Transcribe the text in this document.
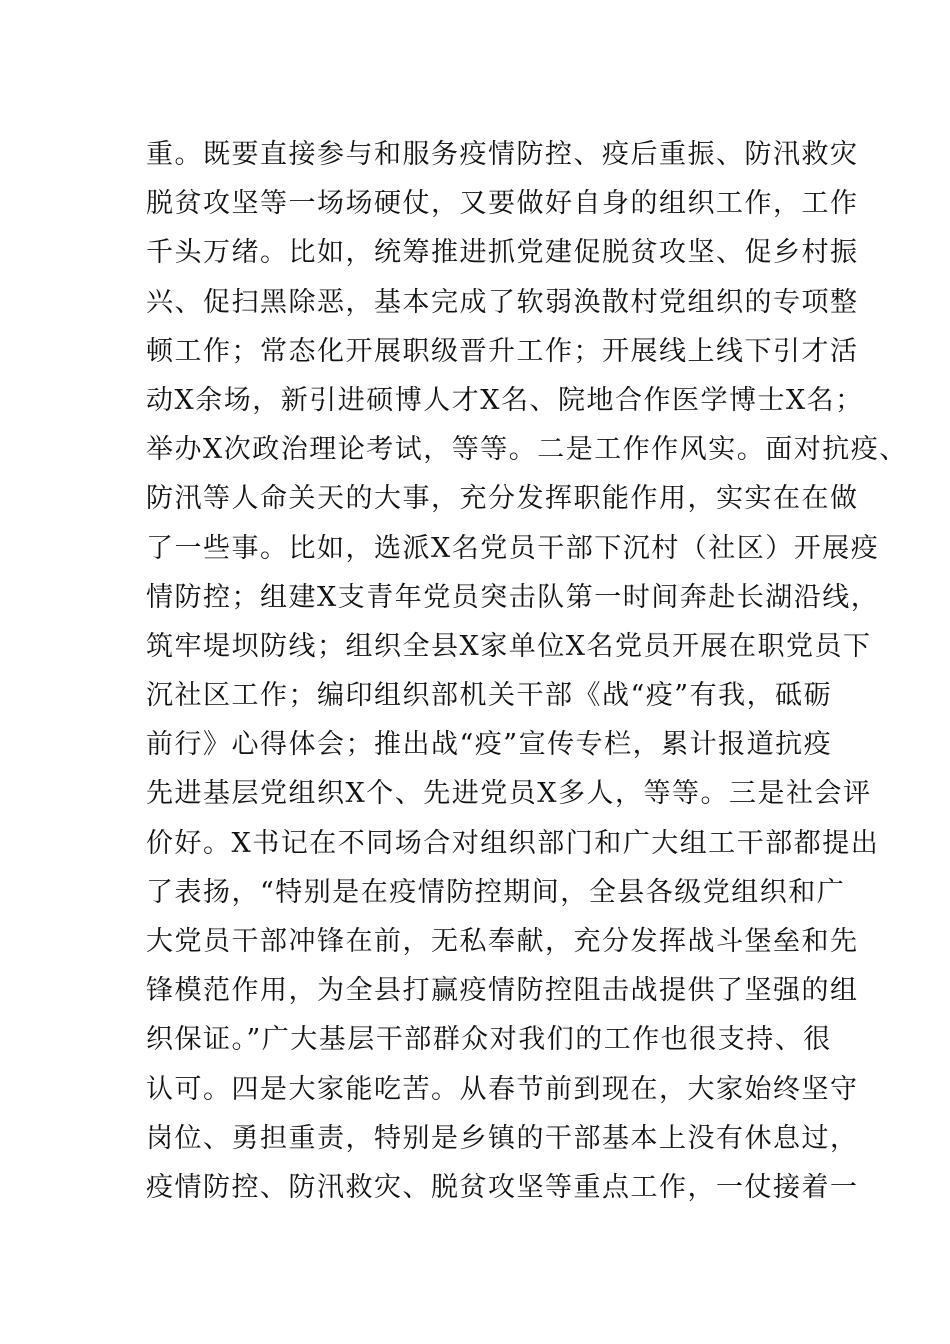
重。既要直接参与和服务疫情防控、疫后重振、防汛救灾
脱贫攻坚等一场场硬仗，又要做好自身的组织工作，工作
千头万绪。比如，统筹推进抓党建促脱贫攻坚、促乡村振
兴、促扫黑除恶，基本完成了软弱涣散村党组织的专项整
顿工作；常态化开展职级晋升工作；开展线上线下引才活
动X余场，新引进硕博人才X名、院地合作医学博士X名；
举办X次政治理论考试，等等。二是工作作风实。面对抗疫、
防汛等人命关天的大事，充分发挥职能作用，实实在在做
了一些事。比如，选派X名党员干部下沉村（社区）开展疫
情防控；组建X支青年党员突击队第一时间奔赴长湖沿线，
筑牢堤坝防线；组织全县X家单位X名党员开展在职党员下
沉社区工作；编印组织部机关干部《战“疫”有我，砥砺
前行》心得体会；推出战“疫”宣传专栏，累计报道抗疫
先进基层党组织X个、先进党员X多人，等等。三是社会评
价好。X书记在不同场合对组织部门和广大组工干部都提出
了表扬，“特别是在疫情防控期间，全县各级党组织和广
大党员干部冲锋在前，无私奉献，充分发挥战斗堡垒和先
锋模范作用，为全县打赢疫情防控阻击战提供了坚强的组
织保证。”广大基层干部群众对我们的工作也很支持、很
认可。四是大家能吃苦。从春节前到现在，大家始终坚守
岗位、勇担重责，特别是乡镇的干部基本上没有休息过，
疫情防控、防汛救灾、脱贫攻坚等重点工作，一仗接着一
